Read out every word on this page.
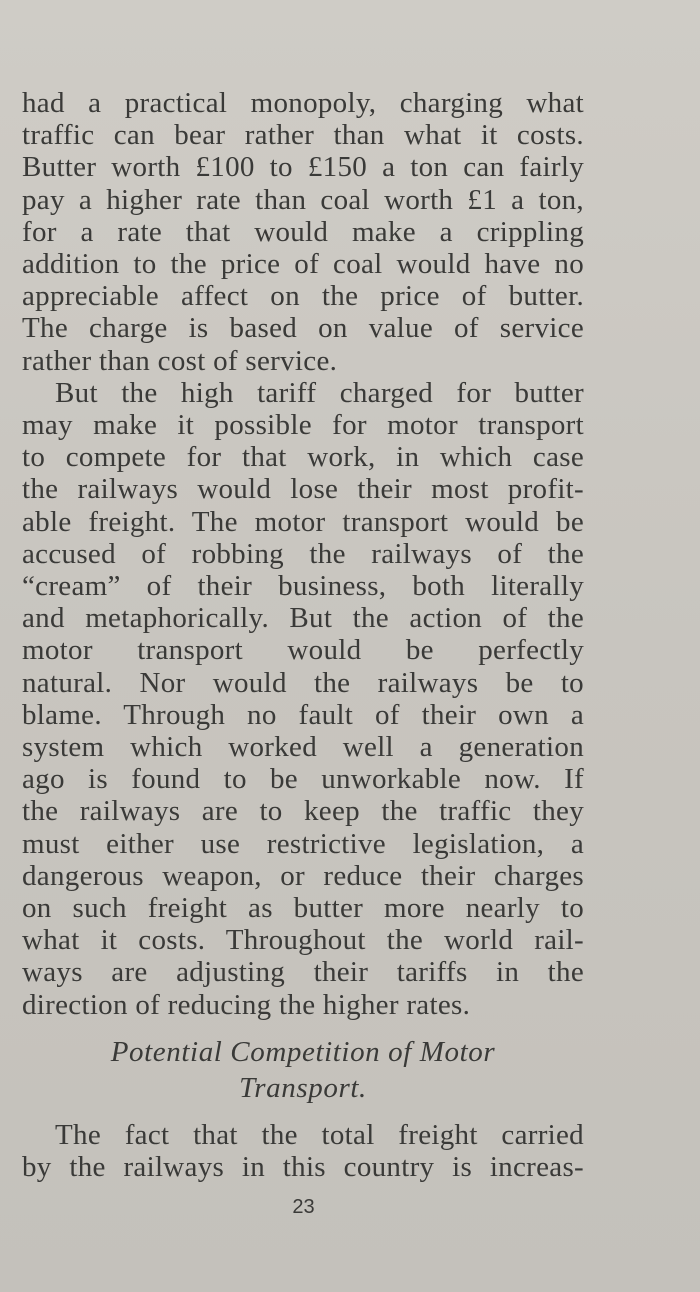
had a practical monopoly, charging what
traffic can bear rather than what it costs.
Butter worth £100 to £150 a ton can fairly
pay a higher rate than coal worth £1 a ton,
for a rate that would make a crippling
addition to the price of coal would have no
appreciable affect on the price of butter.
The charge is based on value of service
rather than cost of service.
But the high tariff charged for butter
may make it possible for motor transport
to compete for that work, in which case
the railways would lose their most profit-
able freight. The motor transport would be
accused of robbing the railways of the
“cream” of their business, both literally
and metaphorically. But the action of the
motor transport would be perfectly
natural. Nor would the railways be to
blame. Through no fault of their own a
system which worked well a generation
ago is found to be unworkable now. If
the railways are to keep the traffic they
must either use restrictive legislation, a
dangerous weapon, or reduce their charges
on such freight as butter more nearly to
what it costs. Throughout the world rail-
ways are adjusting their tariffs in the
direction of reducing the higher rates.
Potential Competition of Motor
Transport.
The fact that the total freight carried
by the railways in this country is increas-
23
